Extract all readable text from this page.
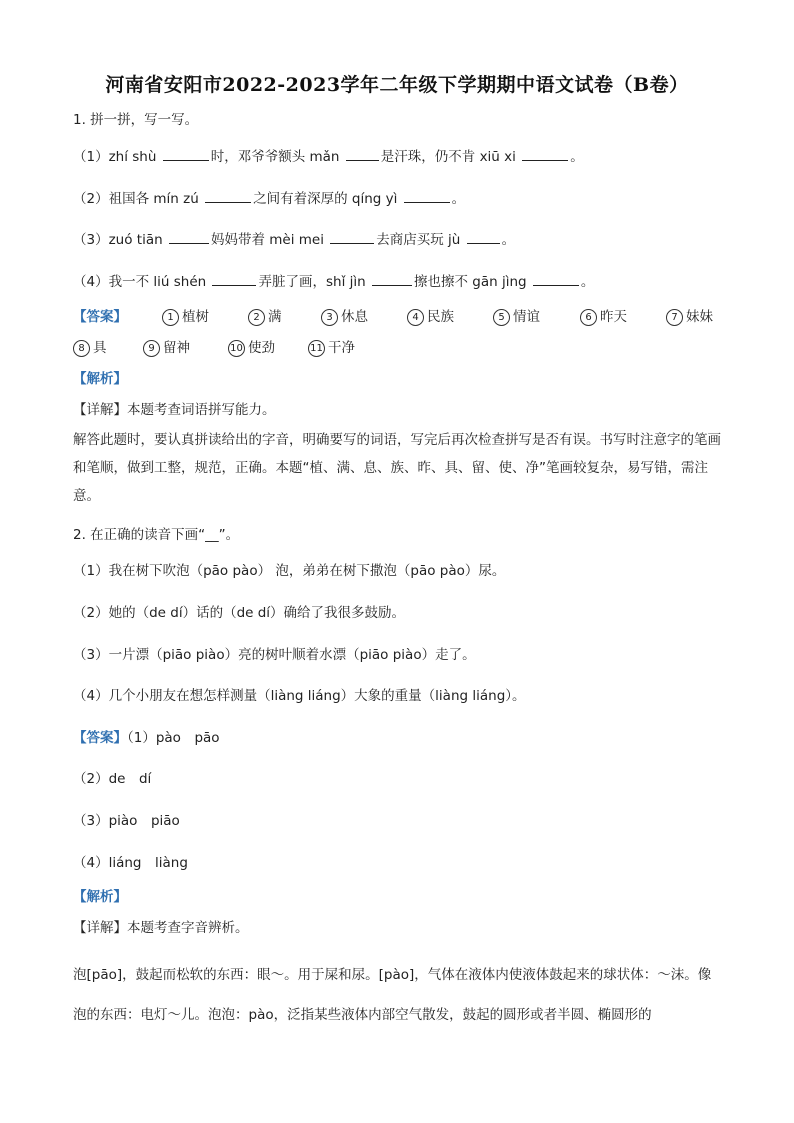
河南省安阳市2022-2023学年二年级下学期期中语文试卷（B卷）
1. 拼一拼，写一写。
（1）zhí shù	时，邓爷爷额头 mǎn	是汗珠，仍不肯 xiū xi	。
（2）祖国各 mín zú	之间有着深厚的 qíng yì	。
（3）zuó tiān	妈妈带着 mèi mei	去商店买玩 jù	。
（4）我一不 liú shén	弄脏了画，shǐ jìn	擦也擦不 gān jìng	。
【答案】	1 植树	2 满	3 休息	4 民族	5 情谊	6 昨天	7 妹妹
8 具	9 留神	10 使劲	11 干净
【解析】
【详解】本题考查词语拼写能力。
解答此题时，要认真拼读给出的字音，明确要写的词语，写完后再次检查拼写是否有误。书写时注意字的笔画和笔顺，做到工整，规范，正确。本题“植、满、息、族、昨、具、留、使、净”笔画较复杂，易写错，需注意。
2. 在正确的读音下画“__”。
（1）我在树下吹泡（pāo pào） 泡，弟弟在树下撒泡（pāo pào）尿。
（2）她的（de dí）话的（de dí）确给了我很多鼓励。
（3）一片漂（piāo piào）亮的树叶顺着水漂（piāo piào）走了。
（4）几个小朋友在想怎样测量（liàng liáng）大象的重量（liàng liáng）。
【答案】（1）pào　pāo
（2）de　dí
（3）piào　piāo
（4）liáng　liàng
【解析】
【详解】本题考查字音辨析。
泡[pāo]，鼓起而松软的东西：眼～。用于屎和尿。[pào]，气体在液体内使液体鼓起来的球状体：～沫。像泡的东西：电灯～儿。泡泡：pào，泛指某些液体内部空气散发，鼓起的圆形或者半圆、椭圆形的
